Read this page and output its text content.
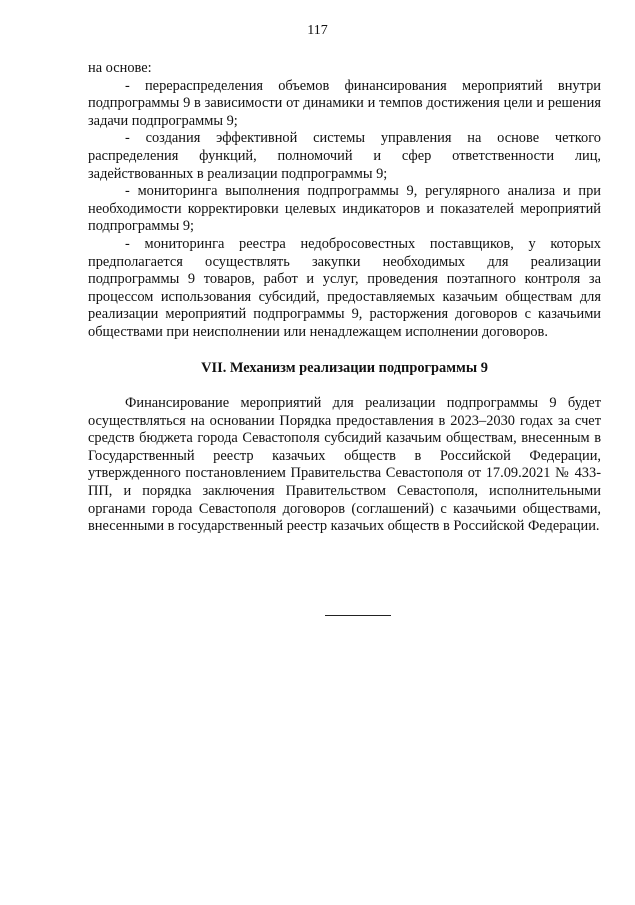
117

на основе:

- перераспределения объемов финансирования мероприятий внутри подпрограммы 9 в зависимости от динамики и темпов достижения цели и решения задачи подпрограммы 9;

- создания эффективной системы управления на основе четкого распределения функций, полномочий и сфер ответственности лиц, задействованных в реализации подпрограммы 9;

- мониторинга выполнения подпрограммы 9, регулярного анализа и при необходимости корректировки целевых индикаторов и показателей мероприятий подпрограммы 9;

- мониторинга реестра недобросовестных поставщиков, у которых предполагается осуществлять закупки необходимых для реализации подпрограммы 9 товаров, работ и услуг, проведения поэтапного контроля за процессом использования субсидий, предоставляемых казачьим обществам для реализации мероприятий подпрограммы 9, расторжения договоров с казачьими обществами при неисполнении или ненадлежащем исполнении договоров.

VII. Механизм реализации подпрограммы 9

Финансирование мероприятий для реализации подпрограммы 9 будет осуществляться на основании Порядка предоставления в 2023–2030 годах за счет средств бюджета города Севастополя субсидий казачьим обществам, внесенным в Государственный реестр казачьих обществ в Российской Федерации, утвержденного постановлением Правительства Севастополя от 17.09.2021 № 433-ПП, и порядка заключения Правительством Севастополя, исполнительными органами города Севастополя договоров (соглашений) с казачьими обществами, внесенными в государственный реестр казачьих обществ в Российской Федерации.
